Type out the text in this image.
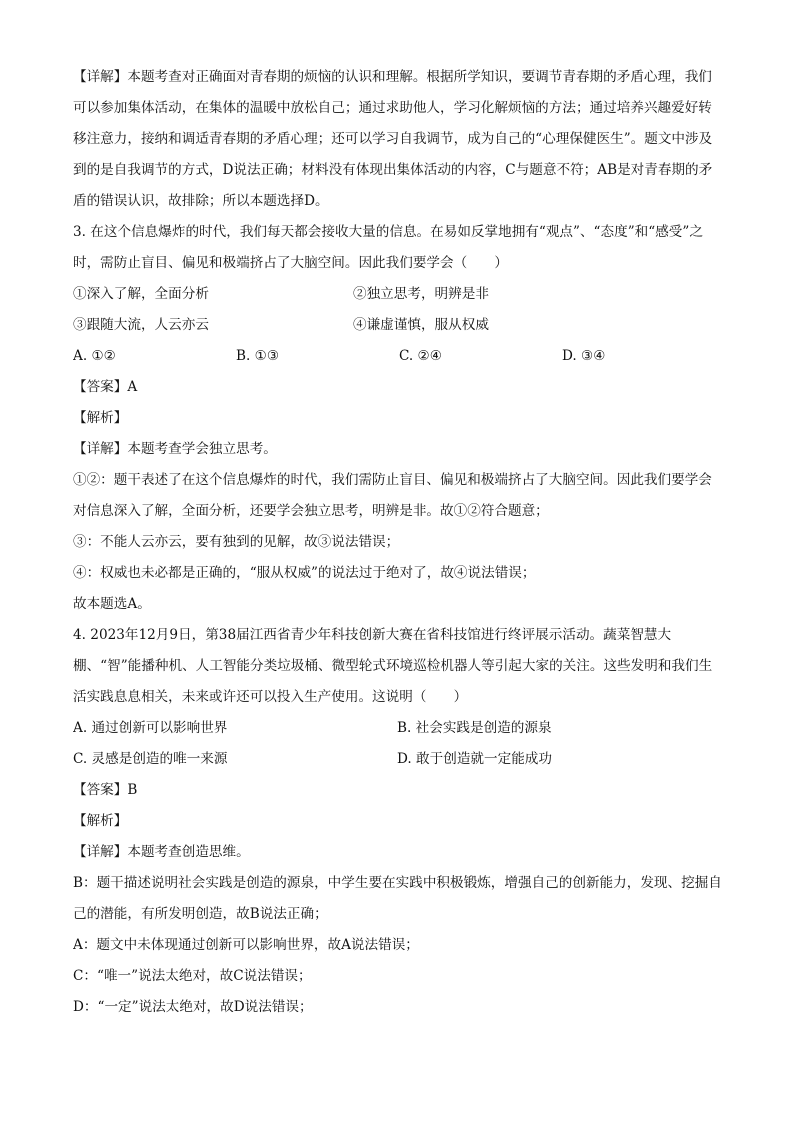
【详解】本题考查对正确面对青春期的烦恼的认识和理解。根据所学知识，要调节青春期的矛盾心理，我们可以参加集体活动，在集体的温暖中放松自己；通过求助他人，学习化解烦恼的方法；通过培养兴趣爱好转移注意力，接纳和调适青春期的矛盾心理；还可以学习自我调节，成为自己的“心理保健医生”。题文中涉及到的是自我调节的方式，D说法正确；材料没有体现出集体活动的内容，C与题意不符；AB是对青春期的矛盾的错误认识，故排除；所以本题选择D。
3. 在这个信息爆炸的时代，我们每天都会接收大量的信息。在易如反掌地拥有“观点”、“态度”和“感受”之时，需防止盲目、偏见和极端挤占了大脑空间。因此我们要学会（　　）
①深入了解，全面分析	②独立思考，明辨是非
③跟随大流，人云亦云	④谦虚谨慎，服从权威
A. ①②	B. ①③	C. ②④	D. ③④
【答案】A
【解析】
【详解】本题考查学会独立思考。
①②：题干表述了在这个信息爆炸的时代，我们需防止盲目、偏见和极端挤占了大脑空间。因此我们要学会对信息深入了解，全面分析，还要学会独立思考，明辨是非。故①②符合题意；
③：不能人云亦云，要有独到的见解，故③说法错误；
④：权威也未必都是正确的，“服从权威”的说法过于绝对了，故④说法错误；
故本题选A。
4. 2023年12月9日，第38届江西省青少年科技创新大赛在省科技馆进行终评展示活动。蔬菜智慧大棚、“智”能播种机、人工智能分类垃圾桶、微型轮式环境巡检机器人等引起大家的关注。这些发明和我们生活实践息息相关，未来或许还可以投入生产使用。这说明（　　）
A. 通过创新可以影响世界	B. 社会实践是创造的源泉
C. 灵感是创造的唯一来源	D. 敢于创造就一定能成功
【答案】B
【解析】
【详解】本题考查创造思维。
B：题干描述说明社会实践是创造的源泉，中学生要在实践中积极锻炼，增强自己的创新能力，发现、挖掘自己的潜能，有所发明创造，故B说法正确；
A：题文中未体现通过创新可以影响世界，故A说法错误；
C：“唯一”说法太绝对，故C说法错误；
D：“一定”说法太绝对，故D说法错误；
